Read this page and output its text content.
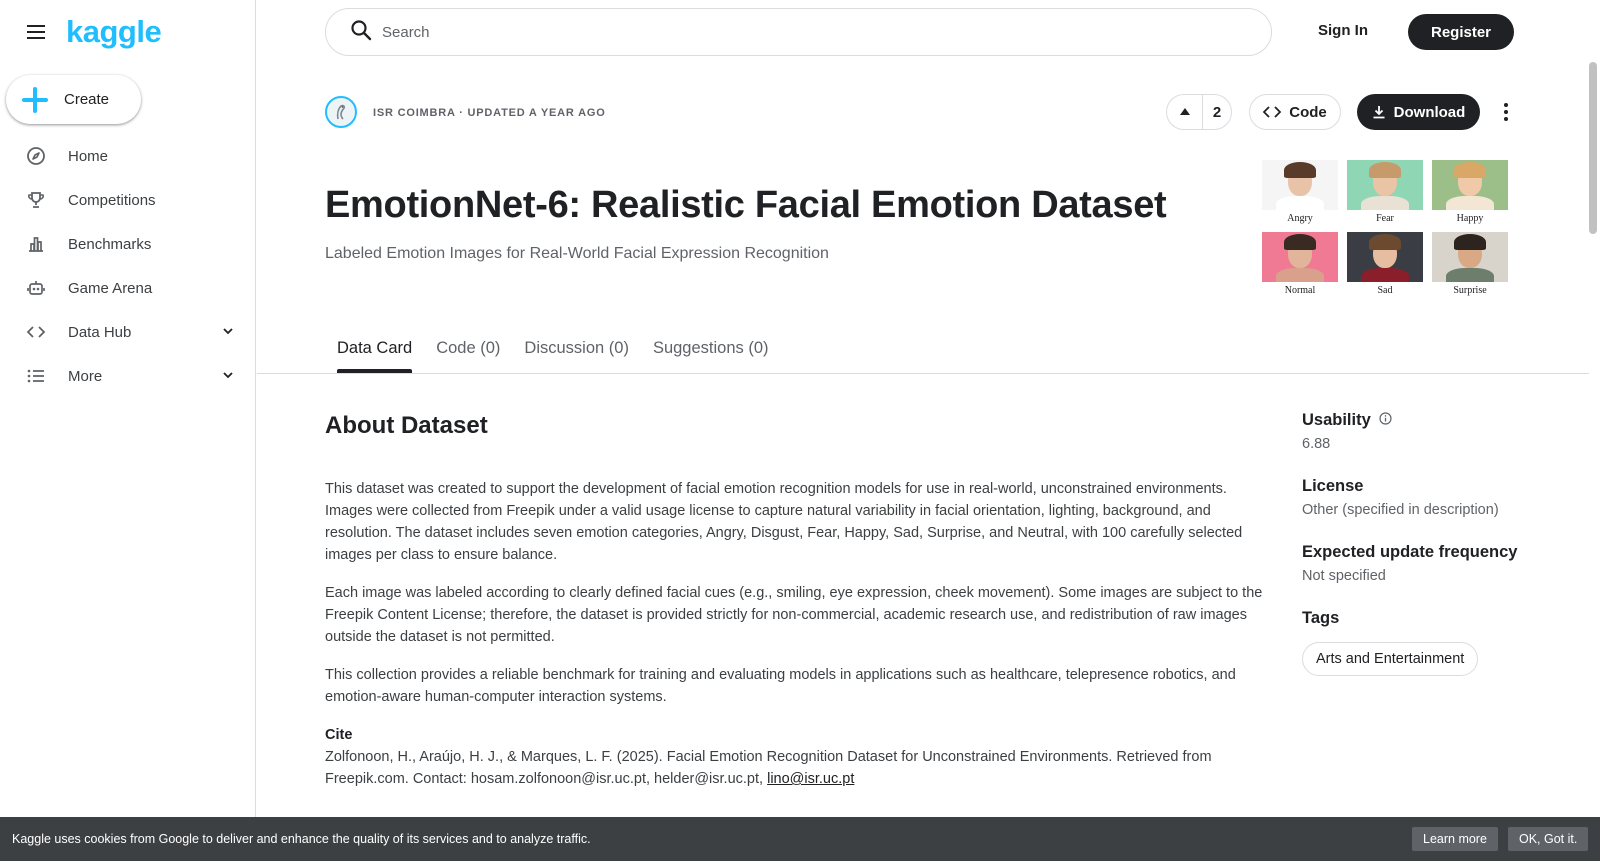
kaggle
Create
Home
Competitions
Benchmarks
Game Arena
Data Hub
More
Search
Sign In	Register
ISR COIMBRA · UPDATED A YEAR AGO	2	Code	Download
EmotionNet-6: Realistic Facial Emotion Dataset
Labeled Emotion Images for Real-World Facial Expression Recognition
Angry	Fear	Happy
Normal	Sad	Surprise
Data Card Code (0) Discussion (0) Suggestions (0)
About Dataset

This dataset was created to support the development of facial emotion recognition models for use in real-world, unconstrained environments. Images were collected from Freepik under a valid usage license to capture natural variability in facial orientation, lighting, background, and resolution. The dataset includes seven emotion categories, Angry, Disgust, Fear, Happy, Sad, Surprise, and Neutral, with 100 carefully selected images per class to ensure balance.

Each image was labeled according to clearly defined facial cues (e.g., smiling, eye expression, cheek movement). Some images are subject to the Freepik Content License; therefore, the dataset is provided strictly for non-commercial, academic research use, and redistribution of raw images outside the dataset is not permitted.

This collection provides a reliable benchmark for training and evaluating models in applications such as healthcare, telepresence robotics, and emotion-aware human-computer interaction systems.

Cite
Zolfonoon, H., Araújo, H. J., & Marques, L. F. (2025). Facial Emotion Recognition Dataset for Unconstrained Environments. Retrieved from Freepik.com. Contact: hosam.zolfonoon@isr.uc.pt, helder@isr.uc.pt, lino@isr.uc.pt
Usability
6.88
License
Other (specified in description)
Expected update frequency
Not specified
Tags
Arts and Entertainment
Kaggle uses cookies from Google to deliver and enhance the quality of its services and to analyze traffic.	Learn more	OK, Got it.
